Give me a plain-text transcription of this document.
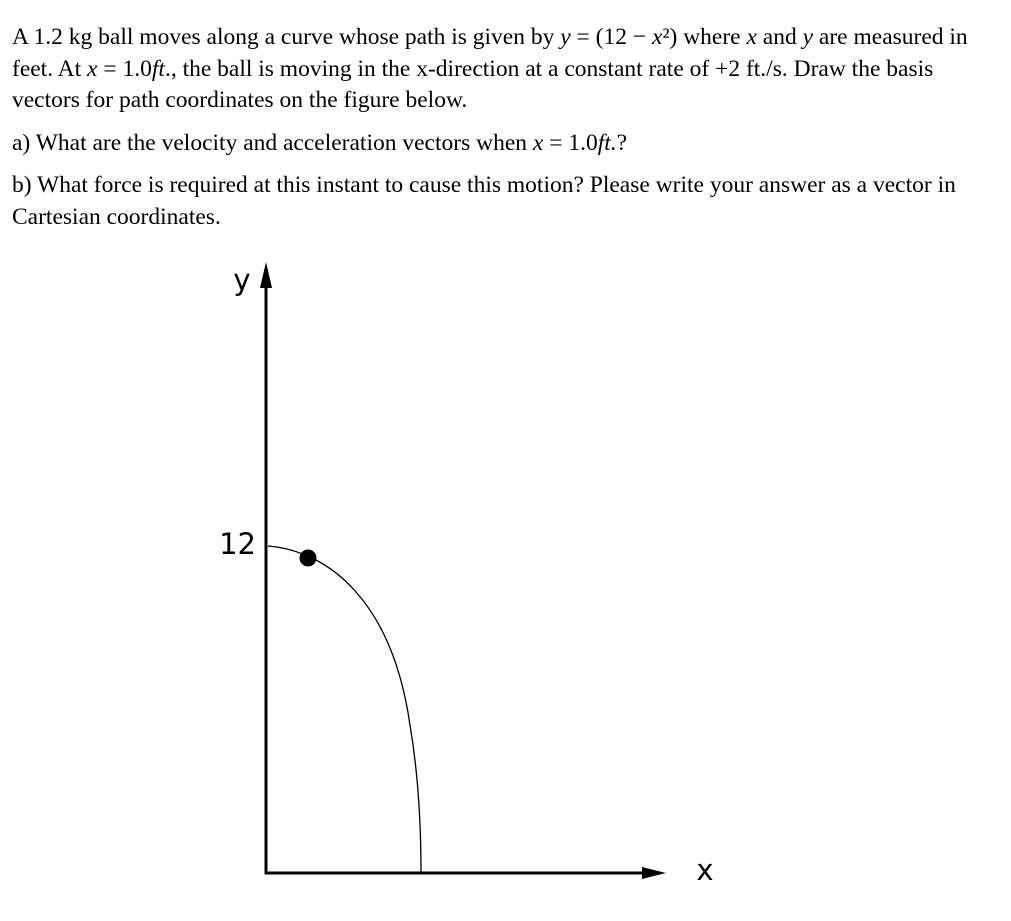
A 1.2 kg ball moves along a curve whose path is given by y = (12 − x²) where x and y are measured in feet. At x = 1.0ft., the ball is moving in the x-direction at a constant rate of +2 ft./s. Draw the basis vectors for path coordinates on the figure below.

a) What are the velocity and acceleration vectors when x = 1.0ft.?

b) What force is required at this instant to cause this motion? Please write your answer as a vector in Cartesian coordinates.

y
x
12
